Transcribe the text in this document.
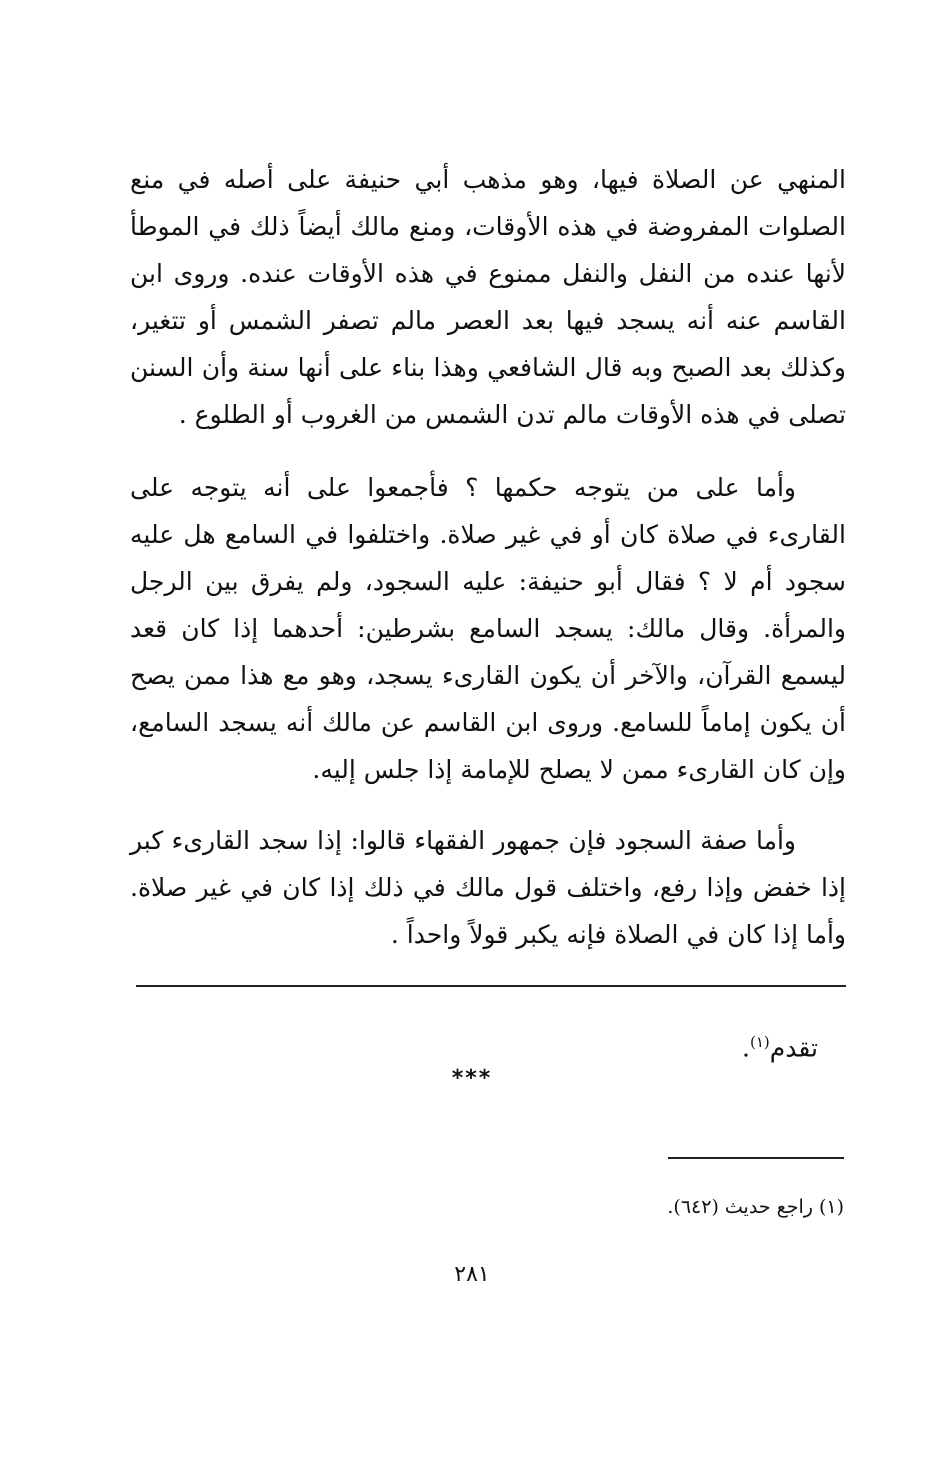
المنهي عن الصلاة فيها، وهو مذهب أبي حنيفة على أصله في منع الصلوات المفروضة في هذه الأوقات، ومنع مالك أيضاً ذلك في الموطأ لأنها عنده من النفل والنفل ممنوع في هذه الأوقات عنده. وروى ابن القاسم عنه أنه يسجد فيها بعد العصر مالم تصفر الشمس أو تتغير، وكذلك بعد الصبح وبه قال الشافعي وهذا بناء على أنها سنة وأن السنن تصلى في هذه الأوقات مالم تدن الشمس من الغروب أو الطلوع .

وأما على من يتوجه حكمها ؟ فأجمعوا على أنه يتوجه على القارىء في صلاة كان أو في غير صلاة. واختلفوا في السامع هل عليه سجود أم لا ؟ فقال أبو حنيفة: عليه السجود، ولم يفرق بين الرجل والمرأة. وقال مالك: يسجد السامع بشرطين: أحدهما إذا كان قعد ليسمع القرآن، والآخر أن يكون القارىء يسجد، وهو مع هذا ممن يصح أن يكون إماماً للسامع. وروى ابن القاسم عن مالك أنه يسجد السامع، وإن كان القارىء ممن لا يصلح للإمامة إذا جلس إليه.

وأما صفة السجود فإن جمهور الفقهاء قالوا: إذا سجد القارىء كبر إذا خفض وإذا رفع، واختلف قول مالك في ذلك إذا كان في غير صلاة. وأما إذا كان في الصلاة فإنه يكبر قولاً واحداً .

تقدم$^{(١)}$.
***
(١) راجع حديث (٦٤٢).
٢٨١
